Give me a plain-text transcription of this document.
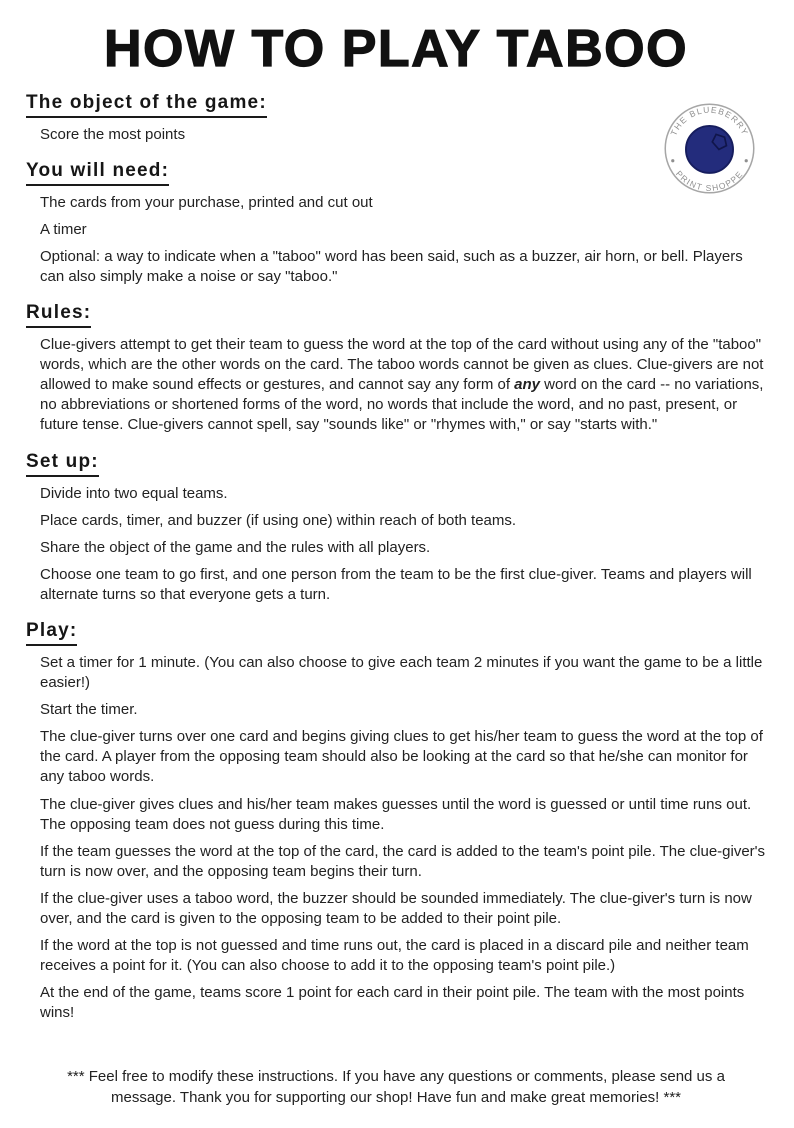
HOW TO PLAY TABOO
THE BLUEBERRY
PRINT SHOPPE
The object of the game:

Score the most points

You will need:

The cards from your purchase, printed and cut out

A timer

Optional: a way to indicate when a "taboo" word has been said, such as a buzzer, air horn, or bell. Players can also simply make a noise or say "taboo."

Rules:

Clue-givers attempt to get their team to guess the word at the top of the card without using any of the "taboo" words, which are the other words on the card. The taboo words cannot be given as clues. Clue-givers are not allowed to make sound effects or gestures, and cannot say any form of any word on the card -- no variations, no abbreviations or shortened forms of the word, no words that include the word, and no past, present, or future tense. Clue-givers cannot spell, say "sounds like" or "rhymes with," or say "starts with."

Set up:

Divide into two equal teams.

Place cards, timer, and buzzer (if using one) within reach of both teams.

Share the object of the game and the rules with all players.

Choose one team to go first, and one person from the team to be the first clue-giver. Teams and players will alternate turns so that everyone gets a turn.

Play:

Set a timer for 1 minute. (You can also choose to give each team 2 minutes if you want the game to be a little easier!)

Start the timer.

The clue-giver turns over one card and begins giving clues to get his/her team to guess the word at the top of the card. A player from the opposing team should also be looking at the card so that he/she can monitor for any taboo words.

The clue-giver gives clues and his/her team makes guesses until the word is guessed or until time runs out. The opposing team does not guess during this time.

If the team guesses the word at the top of the card, the card is added to the team's point pile. The clue-giver's turn is now over, and the opposing team begins their turn.

If the clue-giver uses a taboo word, the buzzer should be sounded immediately. The clue-giver's turn is now over, and the card is given to the opposing team to be added to their point pile.

If the word at the top is not guessed and time runs out, the card is placed in a discard pile and neither team receives a point for it. (You can also choose to add it to the opposing team's point pile.)

At the end of the game, teams score 1 point for each card in their point pile. The team with the most points wins!

*** Feel free to modify these instructions. If you have any questions or comments, please send us a message. Thank you for supporting our shop! Have fun and make great memories! ***
